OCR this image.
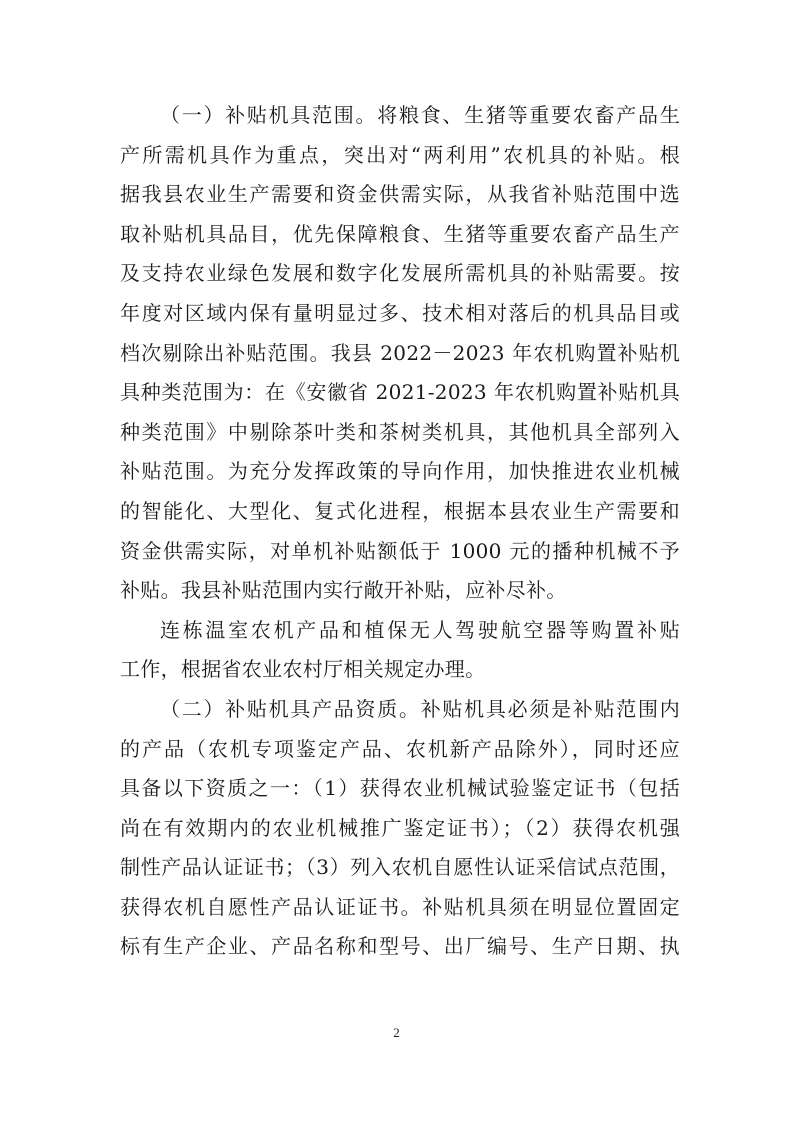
（一）补贴机具范围。将粮食、生猪等重要农畜产品生
产所需机具作为重点，突出对“两利用”农机具的补贴。根
据我县农业生产需要和资金供需实际，从我省补贴范围中选
取补贴机具品目，优先保障粮食、生猪等重要农畜产品生产
及支持农业绿色发展和数字化发展所需机具的补贴需要。按
年度对区域内保有量明显过多、技术相对落后的机具品目或
档次剔除出补贴范围。我县 2022－2023 年农机购置补贴机
具种类范围为：在《安徽省 2021-2023 年农机购置补贴机具
种类范围》中剔除茶叶类和茶树类机具，其他机具全部列入
补贴范围。为充分发挥政策的导向作用，加快推进农业机械
的智能化、大型化、复式化进程，根据本县农业生产需要和
资金供需实际，对单机补贴额低于 1000 元的播种机械不予
补贴。我县补贴范围内实行敞开补贴，应补尽补。
连栋温室农机产品和植保无人驾驶航空器等购置补贴
工作，根据省农业农村厅相关规定办理。
（二）补贴机具产品资质。补贴机具必须是补贴范围内
的产品（农机专项鉴定产品、农机新产品除外），同时还应
具备以下资质之一：（1）获得农业机械试验鉴定证书（包括
尚在有效期内的农业机械推广鉴定证书）；（2）获得农机强
制性产品认证证书；（3）列入农机自愿性认证采信试点范围，
获得农机自愿性产品认证证书。补贴机具须在明显位置固定
标有生产企业、产品名称和型号、出厂编号、生产日期、执
2
